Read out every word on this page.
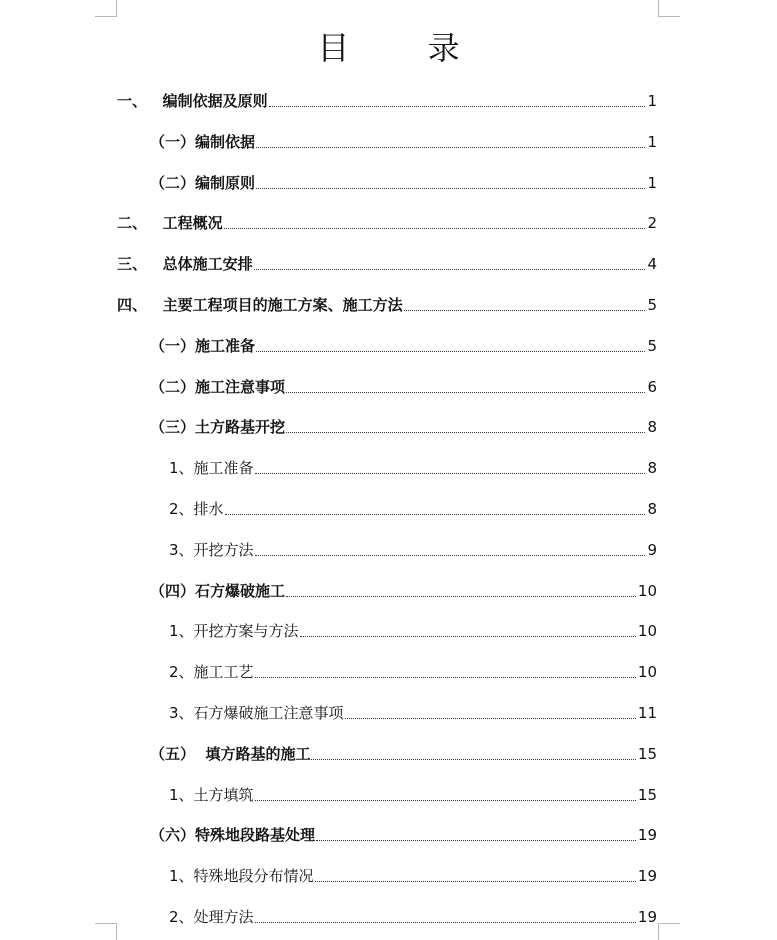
目 录
一、   编制依据及原则	1
（一）编制依据	1
（二）编制原则	1
二、   工程概况	2
三、   总体施工安排	4
四、   主要工程项目的施工方案、施工方法	5
（一）施工准备	5
（二）施工注意事项	6
（三）土方路基开挖	8
1、施工准备	8
2、排水	8
3、开挖方法	9
（四）石方爆破施工	10
1、开挖方案与方法	10
2、施工工艺	10
3、石方爆破施工注意事项	11
（五）  填方路基的施工	15
1、土方填筑	15
（六）特殊地段路基处理	19
1、特殊地段分布情况	19
2、处理方法	19
